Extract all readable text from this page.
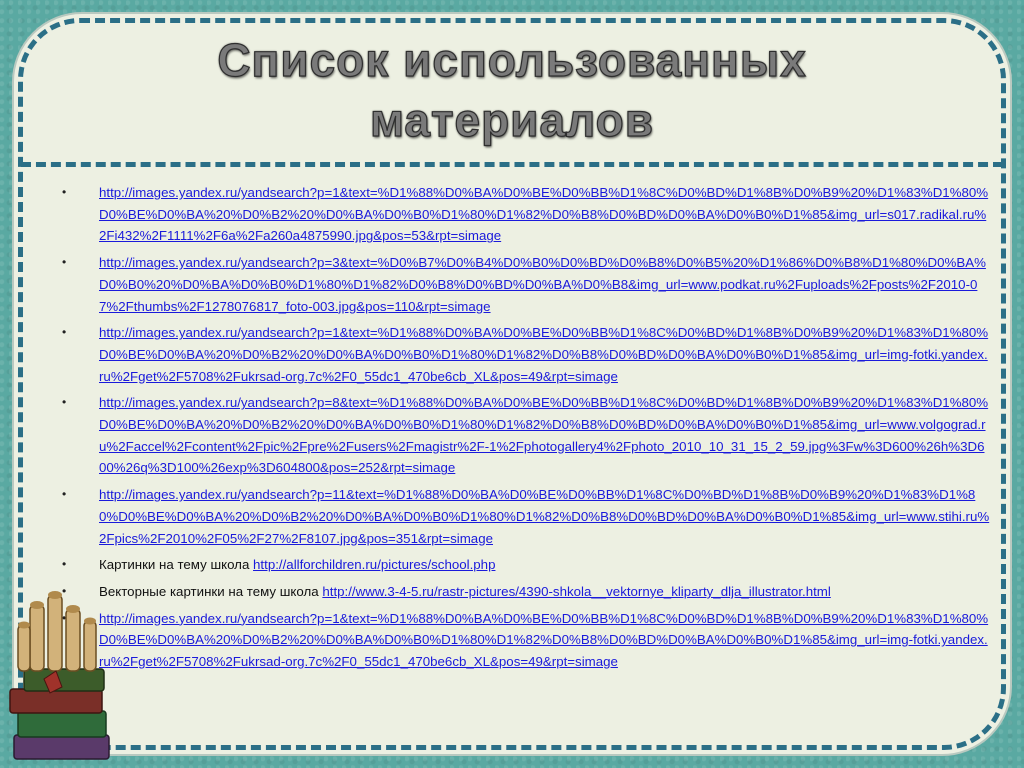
Список использованных материалов
• http://images.yandex.ru/yandsearch?p=1&text=%D1%88%D0%BA%D0%BE%D0%BB%D1%8C%D0%BD%D1%8B%D0%B9%20%D1%83%D1%80%D0%BE%D0%BA%20%D0%B2%20%D0%BA%D0%B0%D1%80%D1%82%D0%B8%D0%BD%D0%BA%D0%B0%D1%85&img_url=s017.radikal.ru%2Fi432%2F1111%2F6a%2Fa260a4875990.jpg&pos=53&rpt=simage
• http://images.yandex.ru/yandsearch?p=3&text=%D0%B7%D0%B4%D0%B0%D0%BD%D0%B8%D0%B5%20%D1%86%D0%B8%D1%80%D0%BA%D0%B0%20%D0%BA%D0%B0%D1%80%D1%82%D0%B8%D0%BD%D0%BA%D0%B8&img_url=www.podkat.ru%2Fuploads%2Fposts%2F2010-07%2Fthumbs%2F1278076817_foto-003.jpg&pos=110&rpt=simage
• http://images.yandex.ru/yandsearch?p=1&text=%D1%88%D0%BA%D0%BE%D0%BB%D1%8C%D0%BD%D1%8B%D0%B9%20%D1%83%D1%80%D0%BE%D0%BA%20%D0%B2%20%D0%BA%D0%B0%D1%80%D1%82%D0%B8%D0%BD%D0%BA%D0%B0%D1%85&img_url=img-fotki.yandex.ru%2Fget%2F5708%2Fukrsad-org.7c%2F0_55dc1_470be6cb_XL&pos=49&rpt=simage
• http://images.yandex.ru/yandsearch?p=8&text=%D1%88%D0%BA%D0%BE%D0%BB%D1%8C%D0%BD%D1%8B%D0%B9%20%D1%83%D1%80%D0%BE%D0%BA%20%D0%B2%20%D0%BA%D0%B0%D1%80%D1%82%D0%B8%D0%BD%D0%BA%D0%B0%D1%85&img_url=www.volgograd.ru%2Faccel%2Fcontent%2Fpic%2Fpre%2Fusers%2Fmagistr%2F-1%2Fphotogallery4%2Fphoto_2010_10_31_15_2_59.jpg%3Fw%3D600%26h%3D600%26q%3D100%26exp%3D604800&pos=252&rpt=simage
• http://images.yandex.ru/yandsearch?p=11&text=%D1%88%D0%BA%D0%BE%D0%BB%D1%8C%D0%BD%D1%8B%D0%B9%20%D1%83%D1%80%D0%BE%D0%BA%20%D0%B2%20%D0%BA%D0%B0%D1%80%D1%82%D0%B8%D0%BD%D0%BA%D0%B0%D1%85&img_url=www.stihi.ru%2Fpics%2F2010%2F05%2F27%2F8107.jpg&pos=351&rpt=simage
• Картинки на тему школа http://allforchildren.ru/pictures/school.php
• Векторные картинки на тему школа http://www.3-4-5.ru/rastr-pictures/4390-shkola__vektornye_kliparty_dlja_illustrator.html
• http://images.yandex.ru/yandsearch?p=1&text=%D1%88%D0%BA%D0%BE%D0%BB%D1%8C%D0%BD%D1%8B%D0%B9%20%D1%83%D1%80%D0%BE%D0%BA%20%D0%B2%20%D0%BA%D0%B0%D1%80%D1%82%D0%B8%D0%BD%D0%BA%D0%B0%D1%85&img_url=img-fotki.yandex.ru%2Fget%2F5708%2Fukrsad-org.7c%2F0_55dc1_470be6cb_XL&pos=49&rpt=simage
